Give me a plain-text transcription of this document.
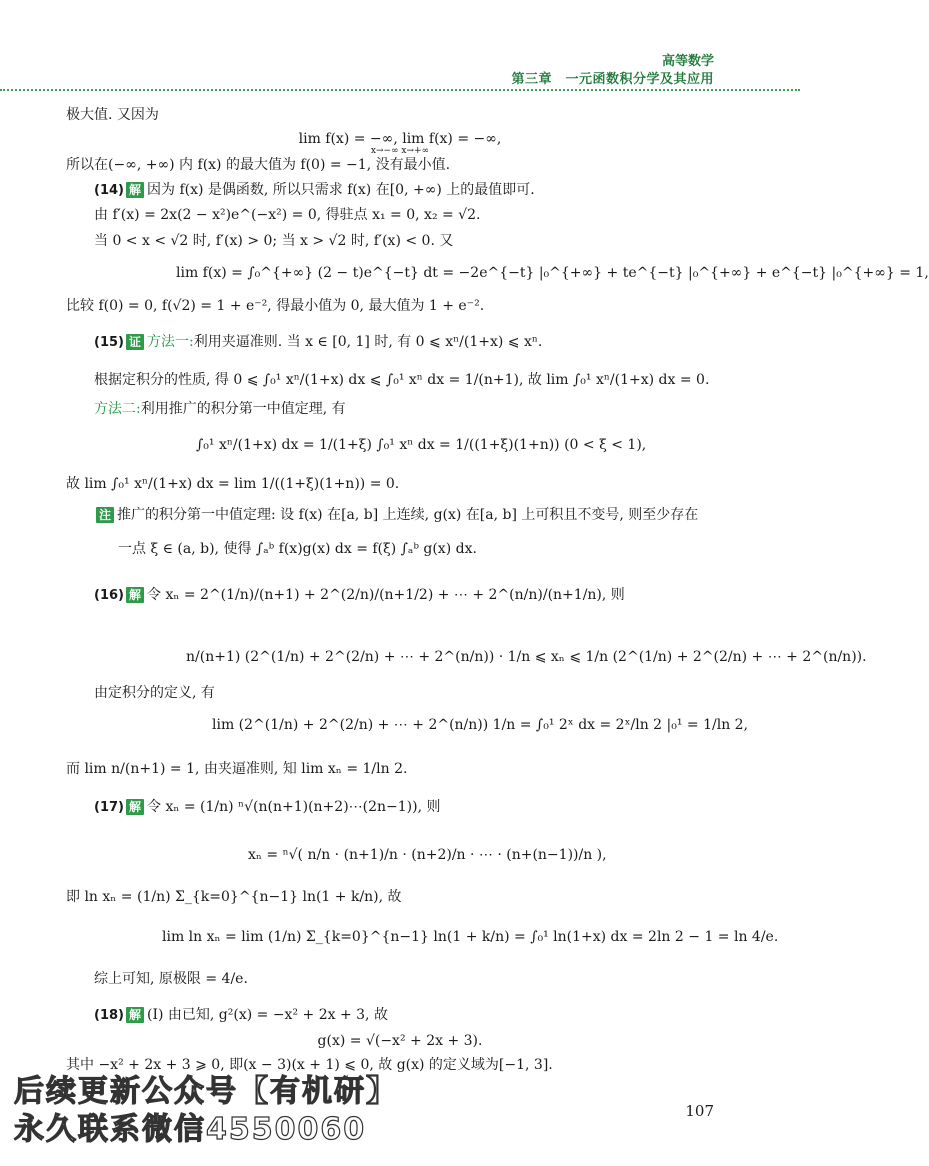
高等数学
第三章　一元函数积分学及其应用
极大值. 又因为
lim f(x) = −∞, lim f(x) = −∞,
x→−∞ x→+∞
所以在(−∞, +∞) 内 f(x) 的最大值为 f(0) = −1, 没有最小值.
(14) 解 因为 f(x) 是偶函数, 所以只需求 f(x) 在[0, +∞) 上的最值即可.
由 f′(x) = 2x(2 − x²)e^(−x²) = 0, 得驻点 x₁ = 0, x₂ = √2.
当 0 < x < √2 时, f′(x) > 0; 当 x > √2 时, f′(x) < 0. 又
lim f(x) = ∫₀^{+∞} (2 − t)e^{−t} dt = −2e^{−t} |₀^{+∞} + te^{−t} |₀^{+∞} + e^{−t} |₀^{+∞} = 1,
比较 f(0) = 0, f(√2) = 1 + e⁻², 得最小值为 0, 最大值为 1 + e⁻².
(15) 证 方法一:利用夹逼准则. 当 x ∈ [0, 1] 时, 有 0 ⩽ xⁿ/(1+x) ⩽ xⁿ.
根据定积分的性质, 得 0 ⩽ ∫₀¹ xⁿ/(1+x) dx ⩽ ∫₀¹ xⁿ dx = 1/(n+1), 故 lim ∫₀¹ xⁿ/(1+x) dx = 0.
方法二:利用推广的积分第一中值定理, 有
∫₀¹ xⁿ/(1+x) dx = 1/(1+ξ) ∫₀¹ xⁿ dx = 1/((1+ξ)(1+n)) (0 < ξ < 1),
故 lim ∫₀¹ xⁿ/(1+x) dx = lim 1/((1+ξ)(1+n)) = 0.
注 推广的积分第一中值定理: 设 f(x) 在[a, b] 上连续, g(x) 在[a, b] 上可积且不变号, 则至少存在
一点 ξ ∈ (a, b), 使得 ∫ₐᵇ f(x)g(x) dx = f(ξ) ∫ₐᵇ g(x) dx.
(16) 解 令 xₙ = 2^(1/n)/(n+1) + 2^(2/n)/(n+1/2) + ⋯ + 2^(n/n)/(n+1/n), 则
n/(n+1) (2^(1/n) + 2^(2/n) + ⋯ + 2^(n/n)) · 1/n ⩽ xₙ ⩽ 1/n (2^(1/n) + 2^(2/n) + ⋯ + 2^(n/n)).
由定积分的定义, 有
lim (2^(1/n) + 2^(2/n) + ⋯ + 2^(n/n)) 1/n = ∫₀¹ 2ˣ dx = 2ˣ/ln 2 |₀¹ = 1/ln 2,
而 lim n/(n+1) = 1, 由夹逼准则, 知 lim xₙ = 1/ln 2.
(17) 解 令 xₙ = (1/n) ⁿ√(n(n+1)(n+2)⋯(2n−1)), 则
xₙ = ⁿ√( n/n · (n+1)/n · (n+2)/n · ⋯ · (n+(n−1))/n ),
即 ln xₙ = (1/n) Σ_{k=0}^{n−1} ln(1 + k/n), 故
lim ln xₙ = lim (1/n) Σ_{k=0}^{n−1} ln(1 + k/n) = ∫₀¹ ln(1+x) dx = 2ln 2 − 1 = ln 4/e.
综上可知, 原极限 = 4/e.
(18) 解 (Ⅰ) 由已知, g²(x) = −x² + 2x + 3, 故
g(x) = √(−x² + 2x + 3).
其中 −x² + 2x + 3 ⩾ 0, 即(x − 3)(x + 1) ⩽ 0, 故 g(x) 的定义域为[−1, 3].
后续更新公众号【有机研】
永久联系微信4550060
107
